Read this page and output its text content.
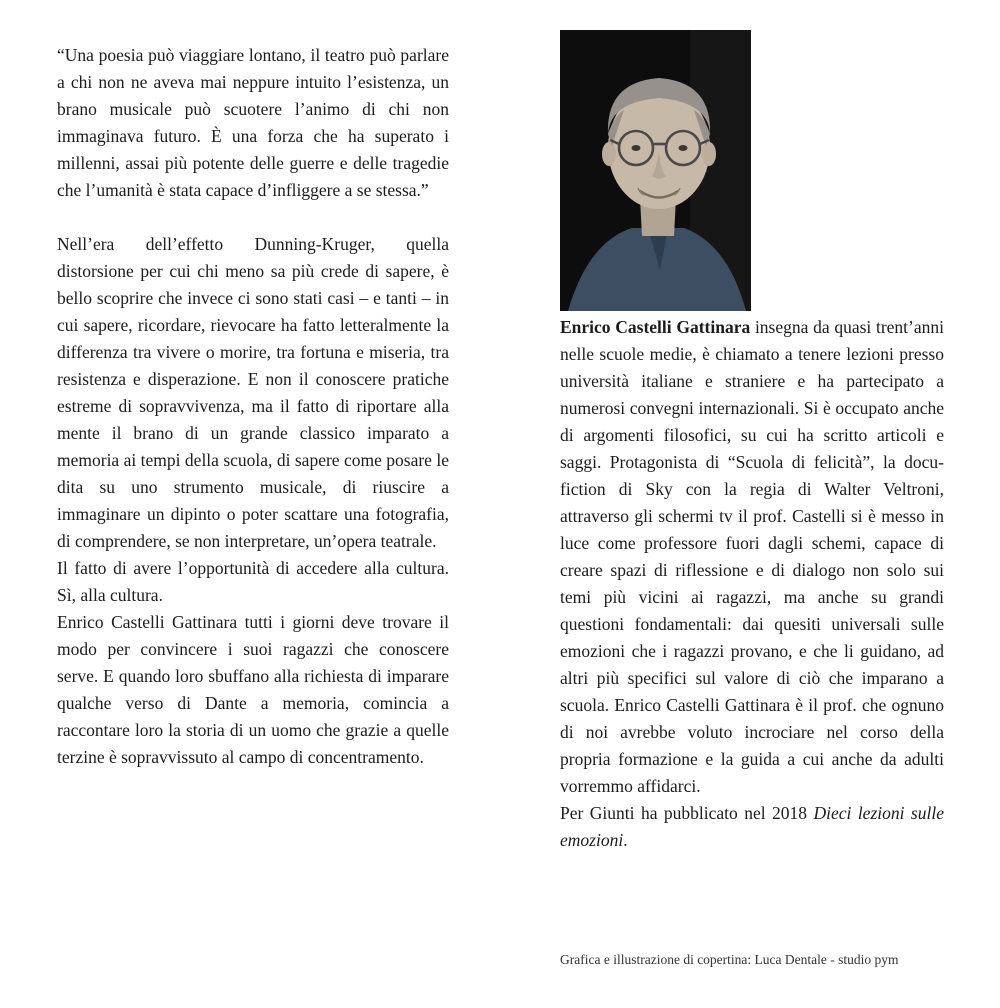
“Una poesia può viaggiare lontano, il teatro può parlare a chi non ne aveva mai neppure intuito l’esistenza, un brano musicale può scuotere l’animo di chi non immaginava futuro. È una forza che ha superato i millenni, assai più potente delle guerre e delle tragedie che l’umanità è stata capace d’infliggere a se stessa.”

Nell’era dell’effetto Dunning-Kruger, quella distorsione per cui chi meno sa più crede di sapere, è bello scoprire che invece ci sono stati casi – e tanti – in cui sapere, ricordare, rievocare ha fatto letteralmente la differenza tra vivere o morire, tra fortuna e miseria, tra resistenza e disperazione. E non il conoscere pratiche estreme di sopravvivenza, ma il fatto di riportare alla mente il brano di un grande classico imparato a memoria ai tempi della scuola, di sapere come posare le dita su uno strumento musicale, di riuscire a immaginare un dipinto o poter scattare una fotografia, di comprendere, se non interpretare, un’opera teatrale.

Il fatto di avere l’opportunità di accedere alla cultura. Sì, alla cultura.

Enrico Castelli Gattinara tutti i giorni deve trovare il modo per convincere i suoi ragazzi che conoscere serve. E quando loro sbuffano alla richiesta di imparare qualche verso di Dante a memoria, comincia a raccontare loro la storia di un uomo che grazie a quelle terzine è sopravvissuto al campo di concentramento.

Enrico Castelli Gattinara insegna da quasi trent’anni nelle scuole medie, è chiamato a tenere lezioni presso università italiane e straniere e ha partecipato a numerosi convegni internazionali. Si è occupato anche di argomenti filosofici, su cui ha scritto articoli e saggi. Protagonista di “Scuola di felicità”, la docu-fiction di Sky con la regia di Walter Veltroni, attraverso gli schermi tv il prof. Castelli si è messo in luce come professore fuori dagli schemi, capace di creare spazi di riflessione e di dialogo non solo sui temi più vicini ai ragazzi, ma anche su grandi questioni fondamentali: dai quesiti universali sulle emozioni che i ragazzi provano, e che li guidano, ad altri più specifici sul valore di ciò che imparano a scuola. Enrico Castelli Gattinara è il prof. che ognuno di noi avrebbe voluto incrociare nel corso della propria formazione e la guida a cui anche da adulti vorremmo affidarci.

Per Giunti ha pubblicato nel 2018 Dieci lezioni sulle emozioni.

Grafica e illustrazione di copertina: Luca Dentale - studio pym
